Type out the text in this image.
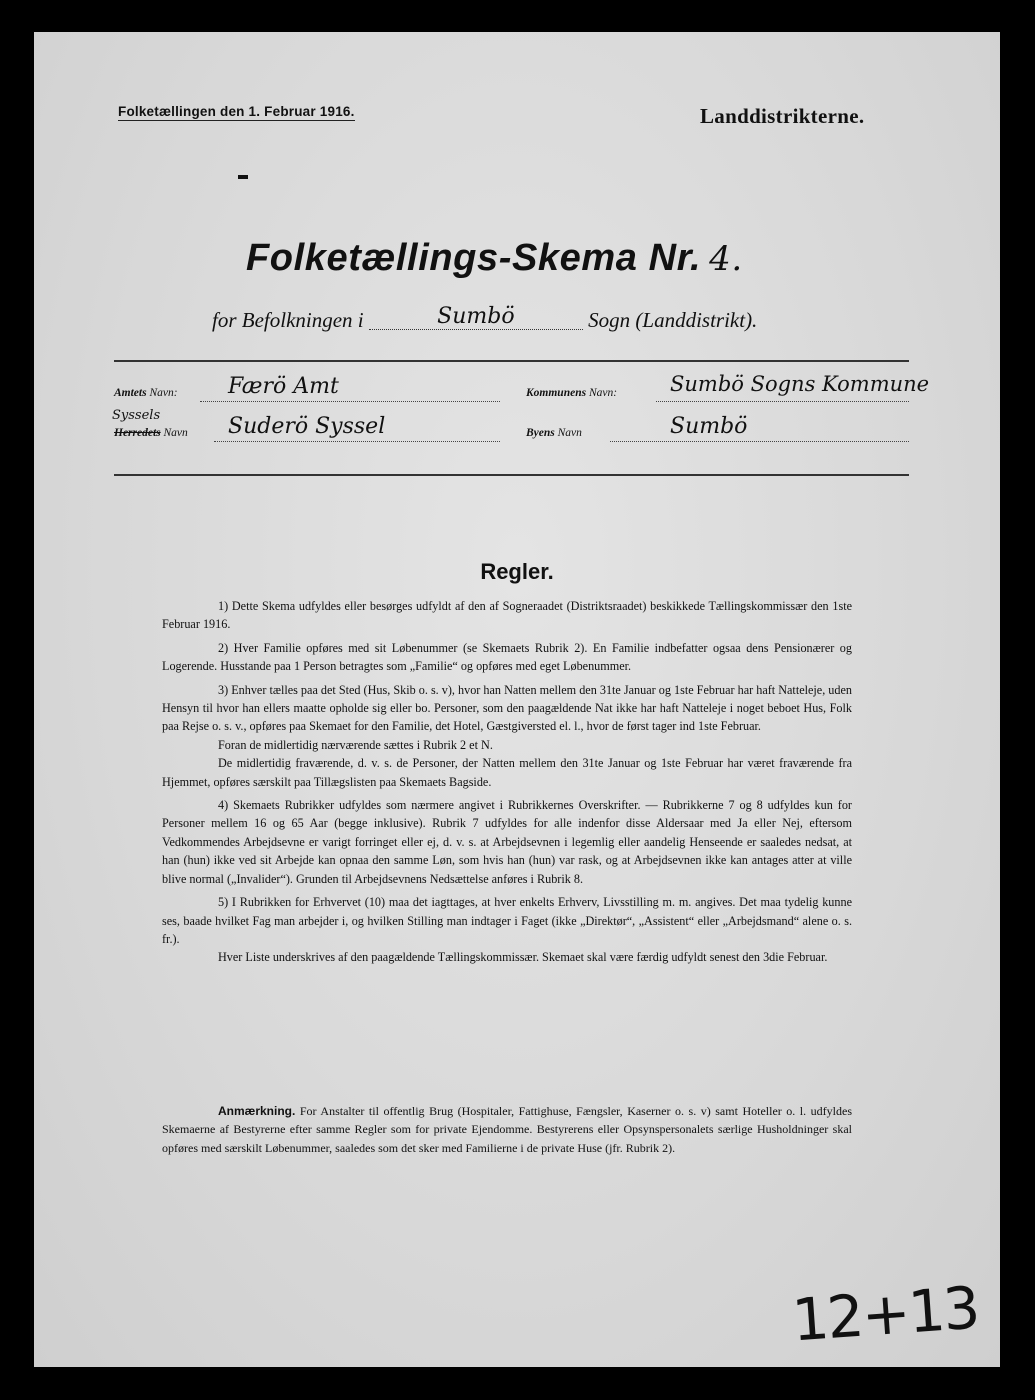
Folketællingen den 1. Februar 1916.	Landdistrikterne.
Folketællings-Skema Nr. 4.
for Befolkningen i	Sumbö	Sogn (Landdistrikt).
Amtets Navn: Færö Amt
Syssels
Herredets Navn Suderö Syssel
Kommunens Navn:	Sumbö Sogns Kommune
Byens Navn	Sumbö
Regler.

1) Dette Skema udfyldes eller besørges udfyldt af den af Sogneraadet (Distriktsraadet) beskikkede Tællingskommissær den 1ste Februar 1916.

2) Hver Familie opføres med sit Løbenummer (se Skemaets Rubrik 2). En Familie indbefatter ogsaa dens Pensionærer og Logerende. Husstande paa 1 Person betragtes som „Familie“ og opføres med eget Løbenummer.

3) Enhver tælles paa det Sted (Hus, Skib o. s. v), hvor han Natten mellem den 31te Januar og 1ste Februar har haft Natteleje, uden Hensyn til hvor han ellers maatte opholde sig eller bo. Personer, som den paagældende Nat ikke har haft Natteleje i noget beboet Hus, Folk paa Rejse o. s. v., opføres paa Skemaet for den Familie, det Hotel, Gæstgiversted el. l., hvor de først tager ind 1ste Februar.

Foran de midlertidig nærværende sættes i Rubrik 2 et N.

De midlertidig fraværende, d. v. s. de Personer, der Natten mellem den 31te Januar og 1ste Februar har været fraværende fra Hjemmet, opføres særskilt paa Tillægslisten paa Skemaets Bagside.

4) Skemaets Rubrikker udfyldes som nærmere angivet i Rubrikkernes Overskrifter. — Rubrikkerne 7 og 8 udfyldes kun for Personer mellem 16 og 65 Aar (begge inklusive). Rubrik 7 udfyldes for alle indenfor disse Aldersaar med Ja eller Nej, eftersom Vedkommendes Arbejdsevne er varigt forringet eller ej, d. v. s. at Arbejdsevnen i legemlig eller aandelig Henseende er saaledes nedsat, at han (hun) ikke ved sit Arbejde kan opnaa den samme Løn, som hvis han (hun) var rask, og at Arbejdsevnen ikke kan antages atter at ville blive normal („Invalider“). Grunden til Arbejdsevnens Nedsættelse anføres i Rubrik 8.

5) I Rubrikken for Erhvervet (10) maa det iagttages, at hver enkelts Erhverv, Livsstilling m. m. angives. Det maa tydelig kunne ses, baade hvilket Fag man arbejder i, og hvilken Stilling man indtager i Faget (ikke „Direktør“, „Assistent“ eller „Arbejdsmand“ alene o. s. fr.).

Hver Liste underskrives af den paagældende Tællingskommissær. Skemaet skal være færdig udfyldt senest den 3die Februar.

Anmærkning. For Anstalter til offentlig Brug (Hospitaler, Fattighuse, Fængsler, Kaserner o. s. v) samt Hoteller o. l. udfyldes Skemaerne af Bestyrerne efter samme Regler som for private Ejendomme. Bestyrerens eller Opsynspersonalets særlige Husholdninger skal opføres med særskilt Løbenummer, saaledes som det sker med Familierne i de private Huse (jfr. Rubrik 2).

12+13
